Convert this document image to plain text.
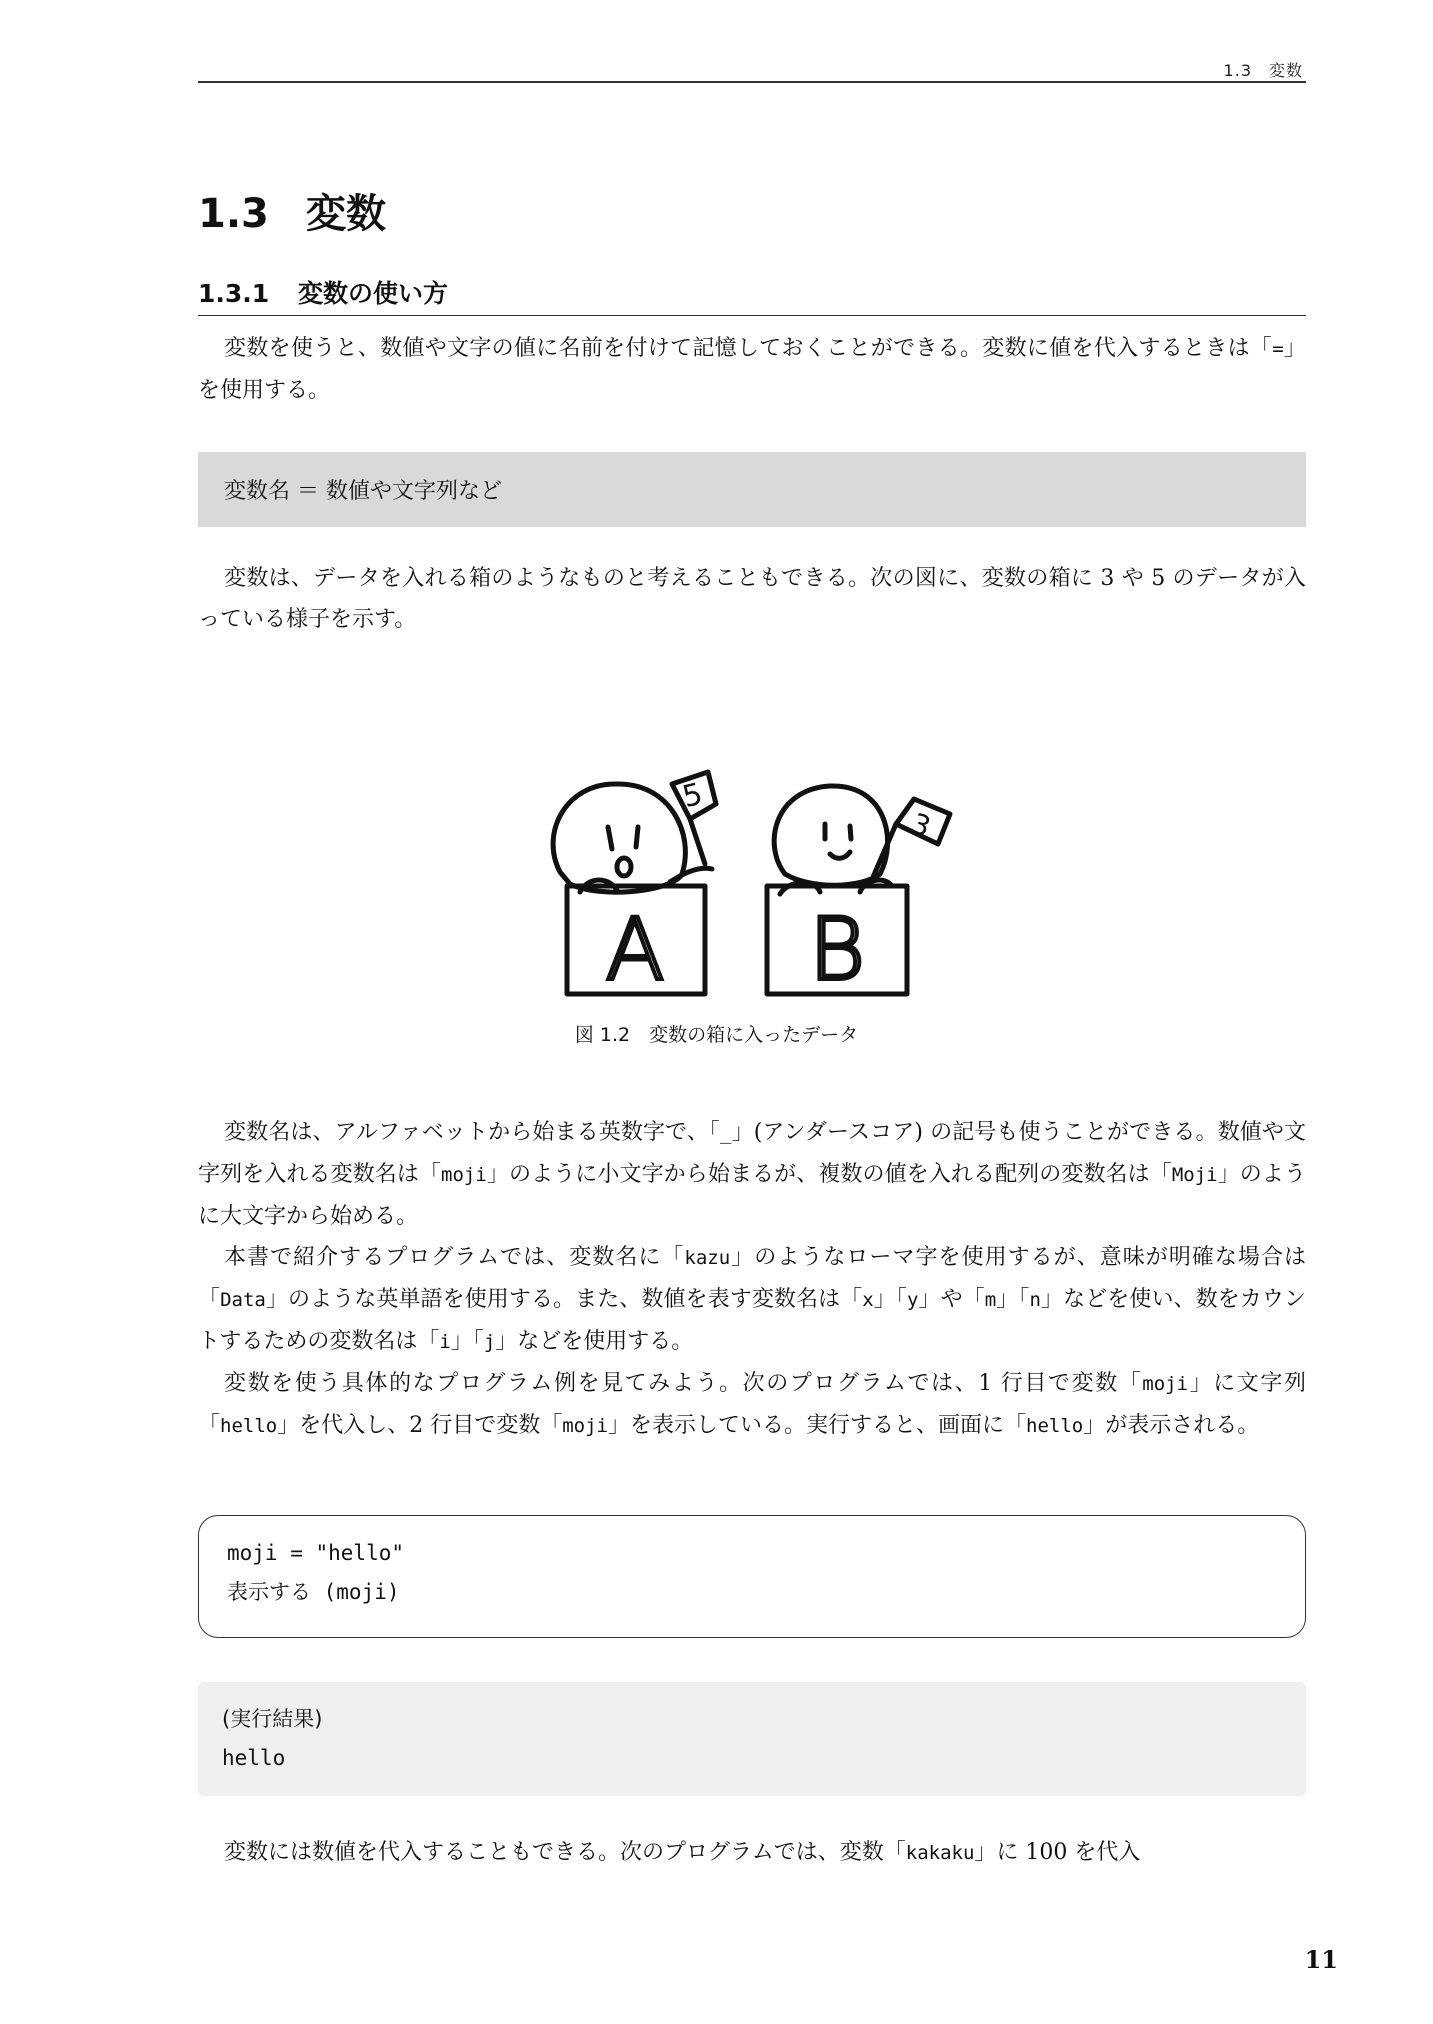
1.3　変数
1.3 変数
1.3.1 変数の使い方

変数を使うと、数値や文字の値に名前を付けて記憶しておくことができる。変数に値を代入するときは「=」を使用する。

変数名 ＝ 数値や文字列など

変数は、データを入れる箱のようなものと考えることもできる。次の図に、変数の箱に 3 や 5 のデータが入っている様子を示す。

5
3
A B
図 1.2  変数の箱に入ったデータ

変数名は、アルファベットから始まる英数字で、「_」(アンダースコア) の記号も使うことができる。数値や文字列を入れる変数名は「moji」のように小文字から始まるが、複数の値を入れる配列の変数名は「Moji」のように大文字から始める。

本書で紹介するプログラムでは、変数名に「kazu」のようなローマ字を使用するが、意味が明確な場合は「Data」のような英単語を使用する。また、数値を表す変数名は「x」「y」や「m」「n」などを使い、数をカウントするための変数名は「i」「j」などを使用する。

変数を使う具体的なプログラム例を見てみよう。次のプログラムでは、1 行目で変数「moji」に文字列「hello」を代入し、2 行目で変数「moji」を表示している。実行すると、画面に「hello」が表示される。

moji = "hello"
表示する (moji)
(実行結果)
hello

変数には数値を代入することもできる。次のプログラムでは、変数「kakaku」に 100 を代入

11
